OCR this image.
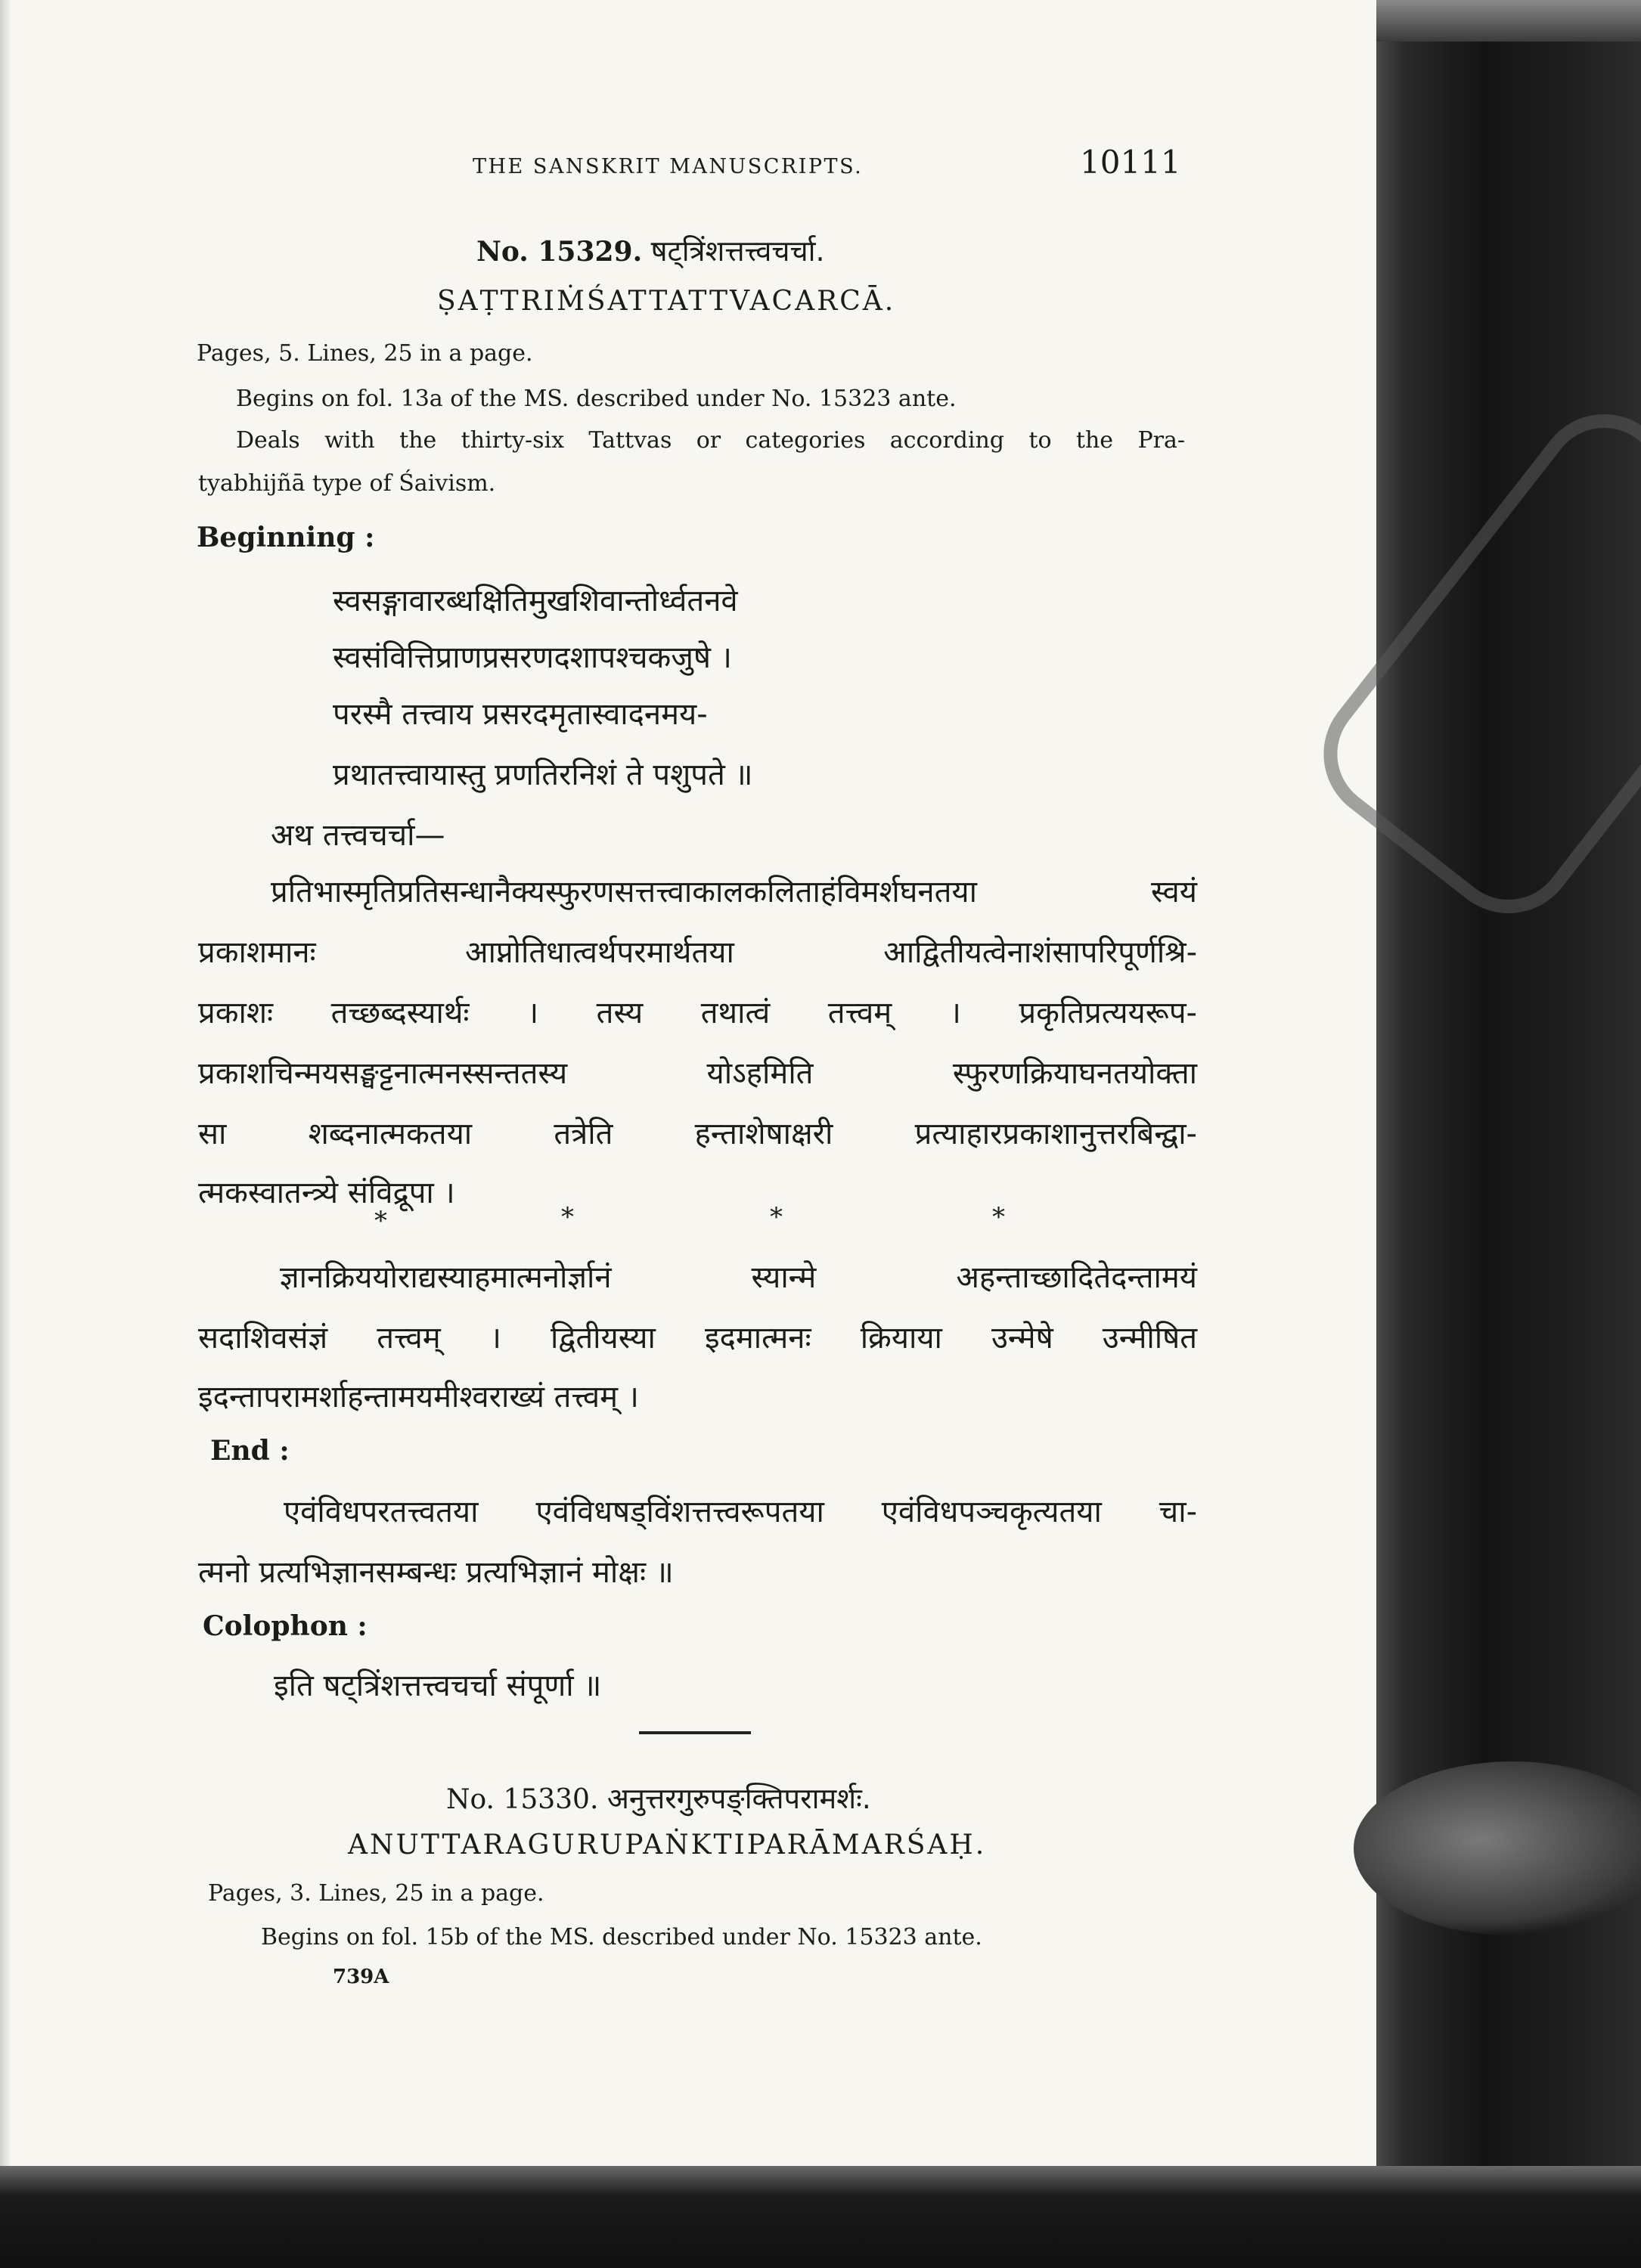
THE SANSKRIT MANUSCRIPTS.	10111
No. 15329. षट्त्रिंशत्तत्त्वचर्चा.
ṢAṬTRIṀŚATTATTVACARCĀ.
Pages, 5. Lines, 25 in a page.
Begins on fol. 13a of the MS. described under No. 15323 ante.
Deals with the thirty-six Tattvas or categories according to the Pra-
tyabhijñā type of Śaivism.
Beginning :
स्वसङ्गावारब्धक्षितिमुखशिवान्तोर्ध्वतनवे
स्वसंवित्तिप्राणप्रसरणदशापश्चकजुषे ।
परस्मै तत्त्वाय प्रसरदमृतास्वादनमय-
प्रथातत्त्वायास्तु प्रणतिरनिशं ते पशुपते ॥
अथ तत्त्वचर्चा—
प्रतिभास्मृतिप्रतिसन्धानैक्यस्फुरणसत्तत्त्वाकालकलिताहंविमर्शघनतया स्वयं
प्रकाशमानः आप्नोतिधात्वर्थपरमार्थतया आद्वितीयत्वेनाशंसापरिपूर्णश्रि-
प्रकाशः तच्छब्दस्यार्थः । तस्य तथात्वं तत्त्वम् । प्रकृतिप्रत्ययरूप-
प्रकाशचिन्मयसङ्घट्टनात्मनस्सन्ततस्य योऽहमिति स्फुरणक्रियाघनतयोक्ता
सा शब्दनात्मकतया तत्रेति हन्ताशेषाक्षरी प्रत्याहारप्रकाशानुत्तरबिन्द्वा-
त्मकस्वातन्त्र्ये संविद्रूपा ।
*	*	*	*
ज्ञानक्रिययोराद्यस्याहमात्मनोर्ज्ञानं स्यान्मे अहन्ताच्छादितेदन्तामयं
सदाशिवसंज्ञं तत्त्वम् । द्वितीयस्या इदमात्मनः क्रियाया उन्मेषे उन्मीषित
इदन्तापरामर्शाहन्तामयमीश्वराख्यं तत्त्वम् ।
End :
एवंविधपरतत्त्वतया एवंविधषड्विंशत्तत्त्वरूपतया एवंविधपञ्चकृत्यतया चा-
त्मनो प्रत्यभिज्ञानसम्बन्धः प्रत्यभिज्ञानं मोक्षः ॥
Colophon :
इति षट्त्रिंशत्तत्त्वचर्चा संपूर्णा ॥
No. 15330. अनुत्तरगुरुपङ्क्तिपरामर्शः.
ANUTTARAGURUPAṄKTIPARĀMARŚAḤ.
Pages, 3. Lines, 25 in a page.
Begins on fol. 15b of the MS. described under No. 15323 ante.
739A
